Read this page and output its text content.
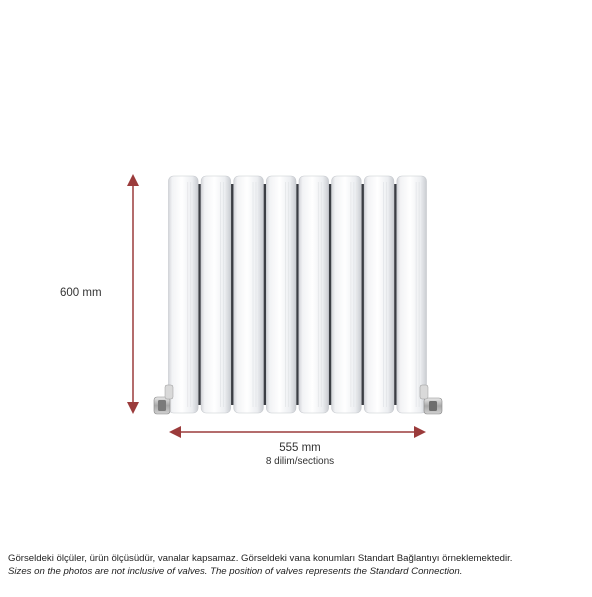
600 mm
555 mm
8 dilim/sections
Görseldeki ölçüler, ürün ölçüsüdür, vanalar kapsamaz. Görseldeki vana konumları Standart Bağlantıyı örneklemektedir.
Sizes on the photos are not inclusive of valves. The position of valves represents the Standard Connection.
